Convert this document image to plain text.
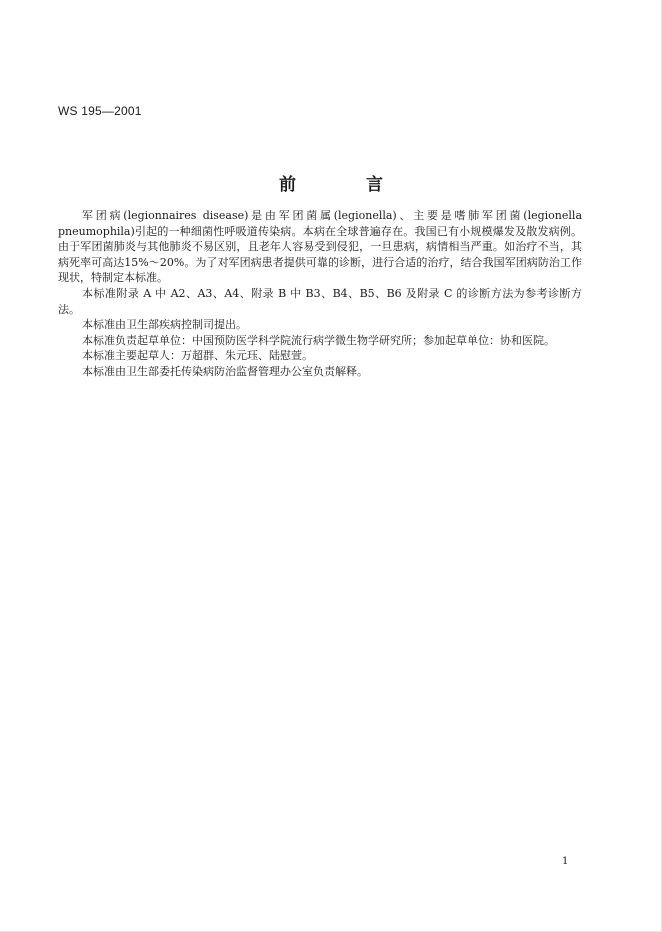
WS 195—2001
前 言

军团病(legionnaires disease)是由军团菌属(legionella)、主要是嗜肺军团菌(legionella pneumophila)引起的一种细菌性呼吸道传染病。本病在全球普遍存在。我国已有小规模爆发及散发病例。由于军团菌肺炎与其他肺炎不易区别，且老年人容易受到侵犯，一旦患病，病情相当严重。如治疗不当，其病死率可高达15%～20%。为了对军团病患者提供可靠的诊断，进行合适的治疗，结合我国军团病防治工作现状，特制定本标准。

本标准附录 A 中 A2、A3、A4、附录 B 中 B3、B4、B5、B6 及附录 C 的诊断方法为参考诊断方法。

本标准由卫生部疾病控制司提出。

本标准负责起草单位：中国预防医学科学院流行病学微生物学研究所；参加起草单位：协和医院。

本标准主要起草人：万超群、朱元珏、陆慰萱。

本标准由卫生部委托传染病防治监督管理办公室负责解释。

1
